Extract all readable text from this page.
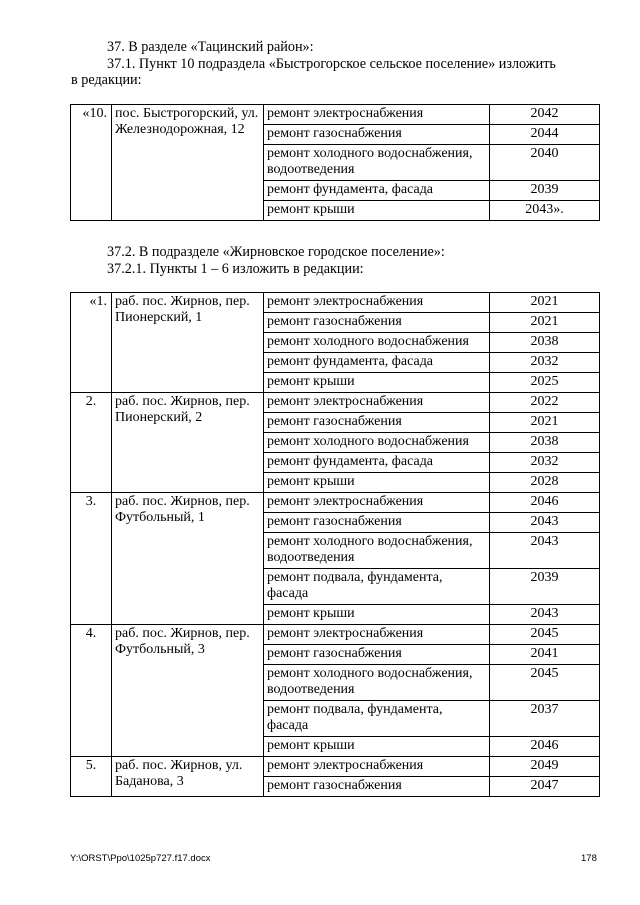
37. В разделе «Тацинский район»:
37.1. Пункт 10 подраздела «Быстрогорское сельское поселение» изложить
в редакции:
«10.	пос. Быстрогорский, ул. Железнодорожная, 12	ремонт электроснабжения	2042
		ремонт газоснабжения	2044
		ремонт холодного водоснабжения, водоотведения	2040
		ремонт фундамента, фасада	2039
		ремонт крыши	2043».
37.2. В подразделе «Жирновское городское поселение»:
37.2.1. Пункты 1 – 6 изложить в редакции:
«1.	раб. пос. Жирнов, пер. Пионерский, 1	ремонт электроснабжения	2021
		ремонт газоснабжения	2021
		ремонт холодного водоснабжения	2038
		ремонт фундамента, фасада	2032
		ремонт крыши	2025
2.	раб. пос. Жирнов, пер. Пионерский, 2	ремонт электроснабжения	2022
		ремонт газоснабжения	2021
		ремонт холодного водоснабжения	2038
		ремонт фундамента, фасада	2032
		ремонт крыши	2028
3.	раб. пос. Жирнов, пер. Футбольный, 1	ремонт электроснабжения	2046
		ремонт газоснабжения	2043
		ремонт холодного водоснабжения, водоотведения	2043
		ремонт подвала, фундамента, фасада	2039
		ремонт крыши	2043
4.	раб. пос. Жирнов, пер. Футбольный, 3	ремонт электроснабжения	2045
		ремонт газоснабжения	2041
		ремонт холодного водоснабжения, водоотведения	2045
		ремонт подвала, фундамента, фасада	2037
		ремонт крыши	2046
5.	раб. пос. Жирнов, ул. Баданова, 3	ремонт электроснабжения	2049
		ремонт газоснабжения	2047
Y:\ORST\Ppo\1025p727.f17.docx	178
